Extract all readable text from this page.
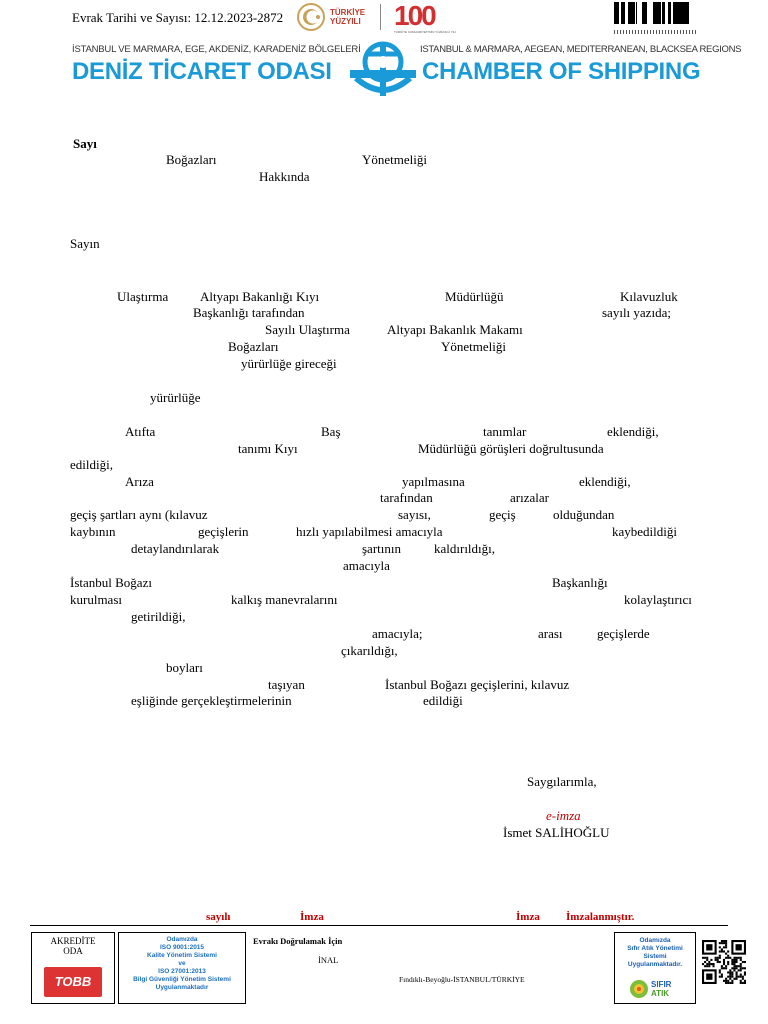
Evrak Tarihi ve Sayısı: 12.12.2023-2872	TÜRKİYE
YÜZYILI 100
TÜRKİYE CUMHURİYETİ'NİN YÜZÜNCÜ YILI
İSTANBUL VE MARMARA, EGE, AKDENİZ, KARADENİZ BÖLGELERİ	ISTANBUL & MARMARA, AEGEAN, MEDITERRANEAN, BLACKSEA REGIONS
DENİZ TİCARET ODASI	CHAMBER OF SHIPPING
Sayı
Boğazları	Yönetmeliği
Hakkında
Sayın
Ulaştırma Altyapı Bakanlığı Kıyı	Müdürlüğü	Kılavuzluk
Başkanlığı tarafından	sayılı yazıda;
Sayılı Ulaştırma	Altyapı Bakanlık Makamı
Boğazları	Yönetmeliği
yürürlüğe gireceği
yürürlüğe
Atıfta	Baş	tanımlar	eklendiği,
tanımı Kıyı	Müdürlüğü görüşleri doğrultusunda
edildiği,
Arıza	yapılmasına	eklendiği,
tarafından	arızalar
geçiş şartları aynı (kılavuz	sayısı,	geçiş	olduğundan
kaybının	geçişlerin	hızlı yapılabilmesi amacıyla	kaybedildiği
detaylandırılarak	şartının	kaldırıldığı,
amacıyla
İstanbul Boğazı	Başkanlığı
kurulması	kalkış manevralarını	kolaylaştırıcı
getirildiği,
amacıyla;	arası	geçişlerde
çıkarıldığı,
boyları
taşıyan	İstanbul Boğazı geçişlerini, kılavuz
eşliğinde gerçekleştirmelerinin	edildiği
Saygılarımla,
e-imza
İsmet SALİHOĞLU
sayılı	İmza	İmza İmzalanmıştır.
AKREDİTE
ODA
TOBB
Odamızda
ISO 9001:2015
Kalite Yönetim Sistemi
ve
ISO 27001:2013
Bilgi Güvenliği Yönetim Sistemi
Uygulanmaktadır
Evrakı Doğrulamak İçin
İNAL
Fındıklı-Beyoğlu-İSTANBUL/TÜRKİYE
Odamızda
Sıfır Atık Yönetimi
Sistemi
Uygulanmaktadır.
SIFIR
ATIK
